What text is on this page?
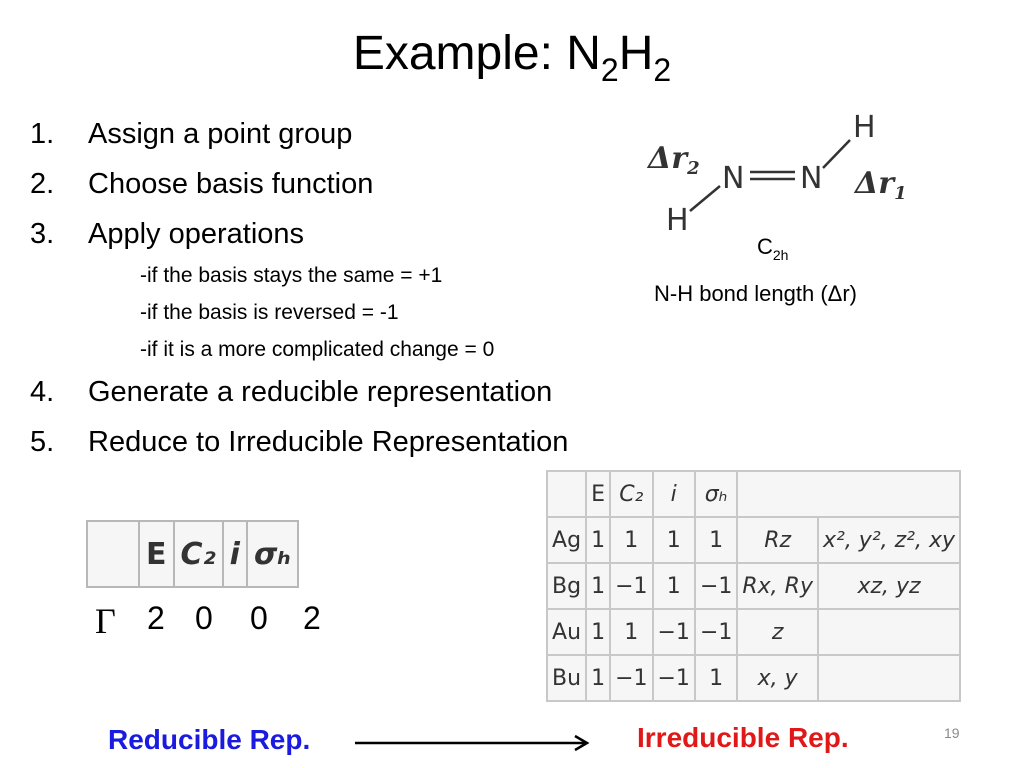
Example: $N_2H_2$
1.	Assign a point group
2.	Choose basis function
3.	Apply operations
-if the basis stays the same = +1
-if the basis is reversed = -1
-if it is a more complicated change = 0
4.	Generate a reducible representation
5.	Reduce to Irreducible Representation
H
N N
H
$\Delta r_2$	$\Delta r_1$
$C_{2h}$
N-H bond length (Δr)
	E	C₂	i	σₕ
Γ 2 0 0 2
	E	C₂	i	σₕ		
Ag	1	1	1	1	Rz	x², y², z², xy
Bg	1	−1	1	−1	Rx, Ry	xz, yz
Au	1	1	−1	−1	z	
Bu	1	−1	−1	1	x, y	
Reducible Rep.	Irreducible Rep.	19
